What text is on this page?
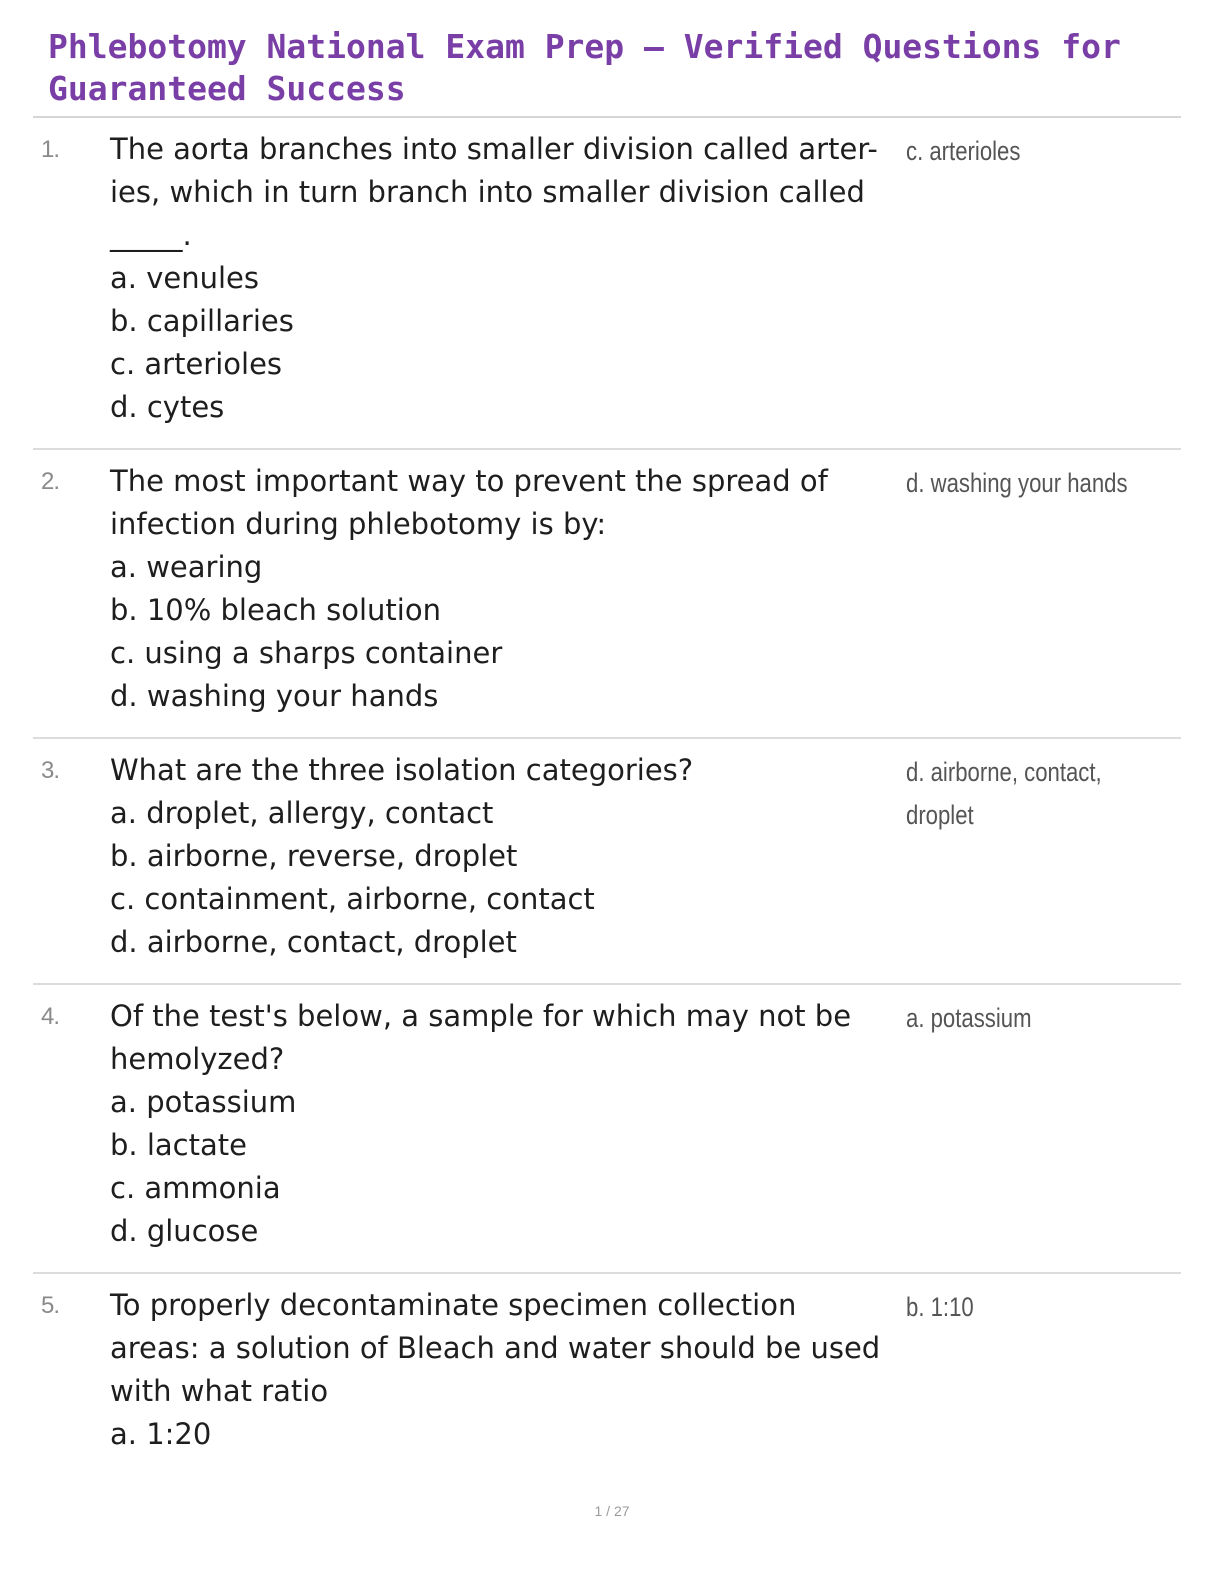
Phlebotomy National Exam Prep – Verified Questions for Guaranteed Success
1. The aorta branches into smaller division called arter- ies, which in turn branch into smaller division called _____.
a. venules
b. capillaries
c. arterioles
d. cytes
c. arterioles
2. The most important way to prevent the spread of infection during phlebotomy is by:
a. wearing
b. 10% bleach solution
c. using a sharps container
d. washing your hands
d. washing your hands
3. What are the three isolation categories?
a. droplet, allergy, contact
b. airborne, reverse, droplet
c. containment, airborne, contact
d. airborne, contact, droplet
d. airborne, contact, droplet
4. Of the test's below, a sample for which may not be hemolyzed?
a. potassium
b. lactate
c. ammonia
d. glucose
a. potassium
5. To properly decontaminate specimen collection areas: a solution of Bleach and water should be used with what ratio
a. 1:20
b. 1:10
1 / 27
